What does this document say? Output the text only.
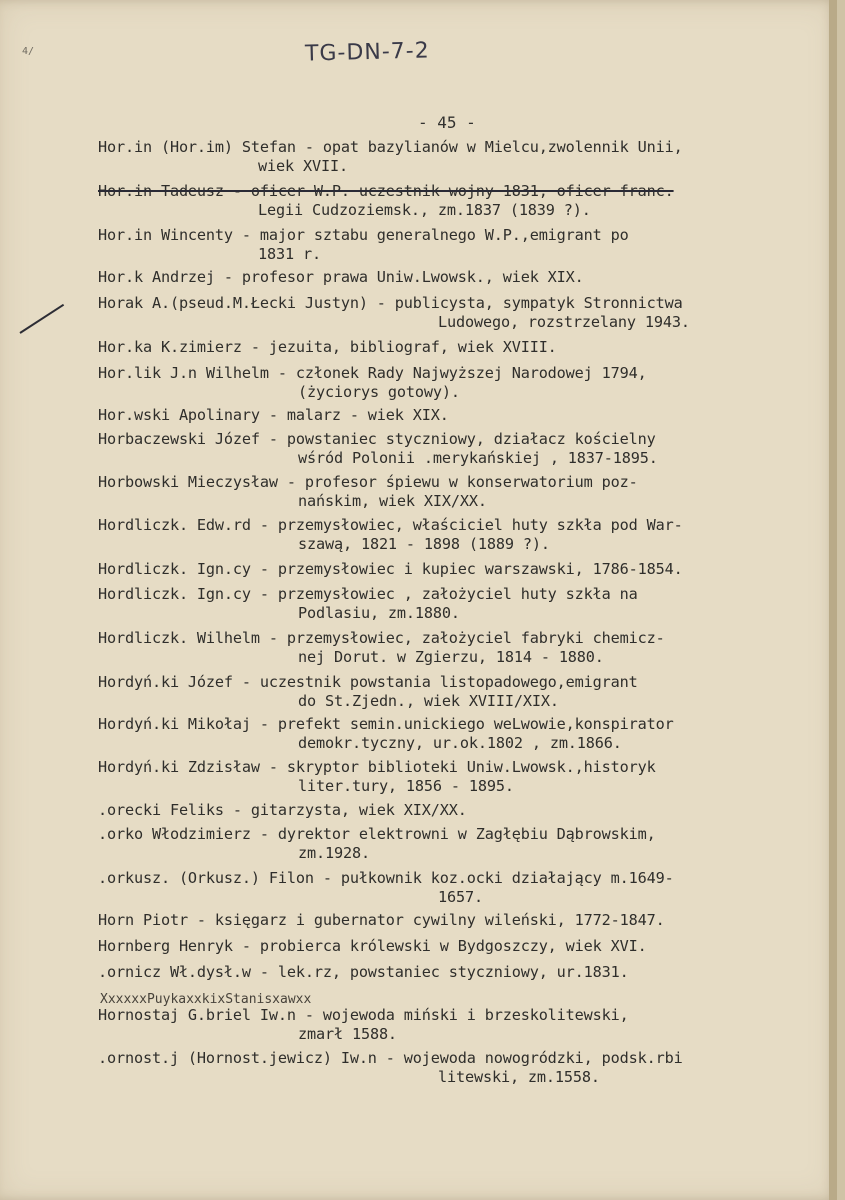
4/	TG-DN-7-2
- 45 -
Hor.in (Hor.im) Stefan - opat bazylianów w Mielcu,zwolennik Unii,
wiek XVII.
Hor.in Tadeusz - oficer W.P. uczestnik wojny 1831, oficer franc.
Legii Cudzoziemsk., zm.1837 (1839 ?).
Hor.in Wincenty - major sztabu generalnego W.P.,emigrant po
1831 r.
Hor.k Andrzej - profesor prawa Uniw.Lwowsk., wiek XIX.
Horak A.(pseud.M.Łecki Justyn) - publicysta, sympatyk Stronnictwa
Ludowego, rozstrzelany 1943.
Hor.ka K.zimierz - jezuita, bibliograf, wiek XVIII.
Hor.lik J.n Wilhelm - członek Rady Najwyższej Narodowej 1794,
(życiorys gotowy).
Hor.wski Apolinary - malarz - wiek XIX.
Horbaczewski Józef - powstaniec styczniowy, działacz kościelny
wśród Polonii .merykańskiej , 1837-1895.
Horbowski Mieczysław - profesor śpiewu w konserwatorium poz-
nańskim, wiek XIX/XX.
Hordliczk. Edw.rd - przemysłowiec, właściciel huty szkła pod War-
szawą, 1821 - 1898 (1889 ?).
Hordliczk. Ign.cy - przemysłowiec i kupiec warszawski, 1786-1854.
Hordliczk. Ign.cy - przemysłowiec , założyciel huty szkła na
Podlasiu, zm.1880.
Hordliczk. Wilhelm - przemysłowiec, założyciel fabryki chemicz-
nej Dorut. w Zgierzu, 1814 - 1880.
Hordyń.ki Józef - uczestnik powstania listopadowego,emigrant
do St.Zjedn., wiek XVIII/XIX.
Hordyń.ki Mikołaj - prefekt semin.unickiego weLwowie,konspirator
demokr.tyczny, ur.ok.1802 , zm.1866.
Hordyń.ki Zdzisław - skryptor biblioteki Uniw.Lwowsk.,historyk
liter.tury, 1856 - 1895.
.orecki Feliks - gitarzysta, wiek XIX/XX.
.orko Włodzimierz - dyrektor elektrowni w Zagłębiu Dąbrowskim,
zm.1928.
.orkusz. (Orkusz.) Filon - pułkownik koz.ocki działający m.1649-
1657.
Horn Piotr - księgarz i gubernator cywilny wileński, 1772-1847.
Hornberg Henryk - probierca królewski w Bydgoszczy, wiek XVI.
.ornicz Wł.dysł.w - lek.rz, powstaniec styczniowy, ur.1831.
XxxxxxPuykaxxkixStanisxawxx
Hornostaj G.briel Iw.n - wojewoda miński i brzeskolitewski,
zmarł 1588.
.ornost.j (Hornost.jewicz) Iw.n - wojewoda nowogródzki, podsk.rbi
litewski, zm.1558.
